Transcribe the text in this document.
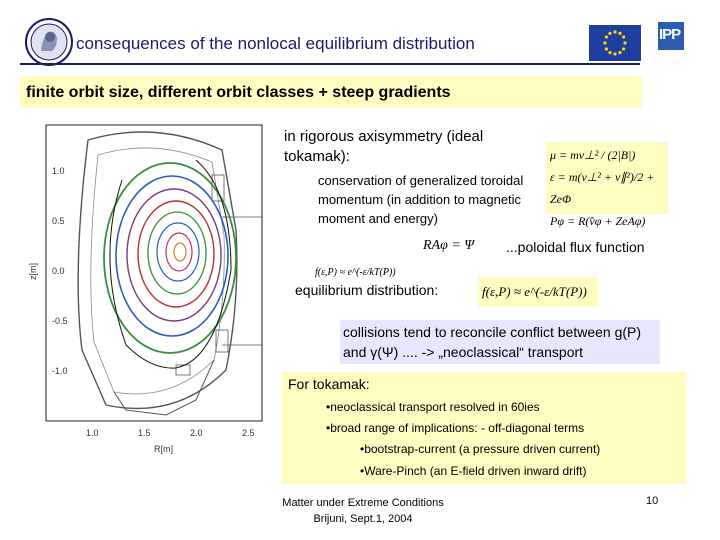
consequences of the nonlocal equilibrium distribution	IPP
finite orbit size, different orbit classes + steep gradients
1.0
0.5
0.0
-0.5
-1.0
z[m]
1.0	1.5	2.0	2.5
R[m]
in rigorous axisymmetry (ideal tokamak):
conservation of generalized toroidal momentum (in addition to magnetic moment and energy)
μ = mv⊥² / (2|B|)
ε = m(v⊥² + v∥²)/2 + ZeΦ
Pφ = R(v̂φ + ZeAφ)
RAφ = Ψ ...poloidal flux function
f(ε,P) ≈ e^(-ε/kT(P))
equilibrium distribution:	f(ε,P) ≈ e^(-ε/kT(P))
collisions tend to reconcile conflict between g(P) and γ(Ψ) .... -> „neoclassical“ transport
For tokamak:
•neoclassical transport resolved in 60ies
•broad range of implications: - off-diagonal terms
•bootstrap-current (a pressure driven current)
•Ware-Pinch (an E-field driven inward drift)
Matter under Extreme Conditions
Brijuni, Sept.1, 2004
10
